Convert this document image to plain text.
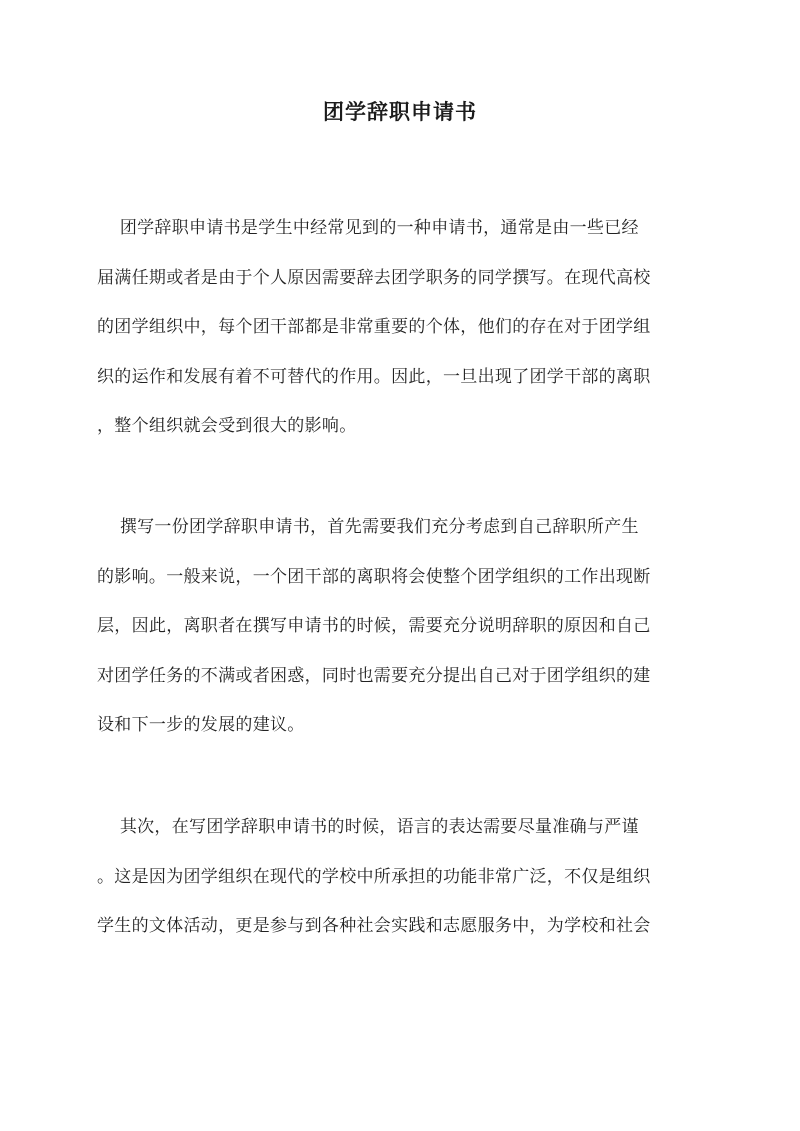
团学辞职申请书
团学辞职申请书是学生中经常见到的一种申请书，通常是由一些已经
届满任期或者是由于个人原因需要辞去团学职务的同学撰写。在现代高校
的团学组织中，每个团干部都是非常重要的个体，他们的存在对于团学组
织的运作和发展有着不可替代的作用。因此，一旦出现了团学干部的离职
，整个组织就会受到很大的影响。
撰写一份团学辞职申请书，首先需要我们充分考虑到自己辞职所产生
的影响。一般来说，一个团干部的离职将会使整个团学组织的工作出现断
层，因此，离职者在撰写申请书的时候，需要充分说明辞职的原因和自己
对团学任务的不满或者困惑，同时也需要充分提出自己对于团学组织的建
设和下一步的发展的建议。
其次，在写团学辞职申请书的时候，语言的表达需要尽量准确与严谨
。这是因为团学组织在现代的学校中所承担的功能非常广泛，不仅是组织
学生的文体活动，更是参与到各种社会实践和志愿服务中，为学校和社会
